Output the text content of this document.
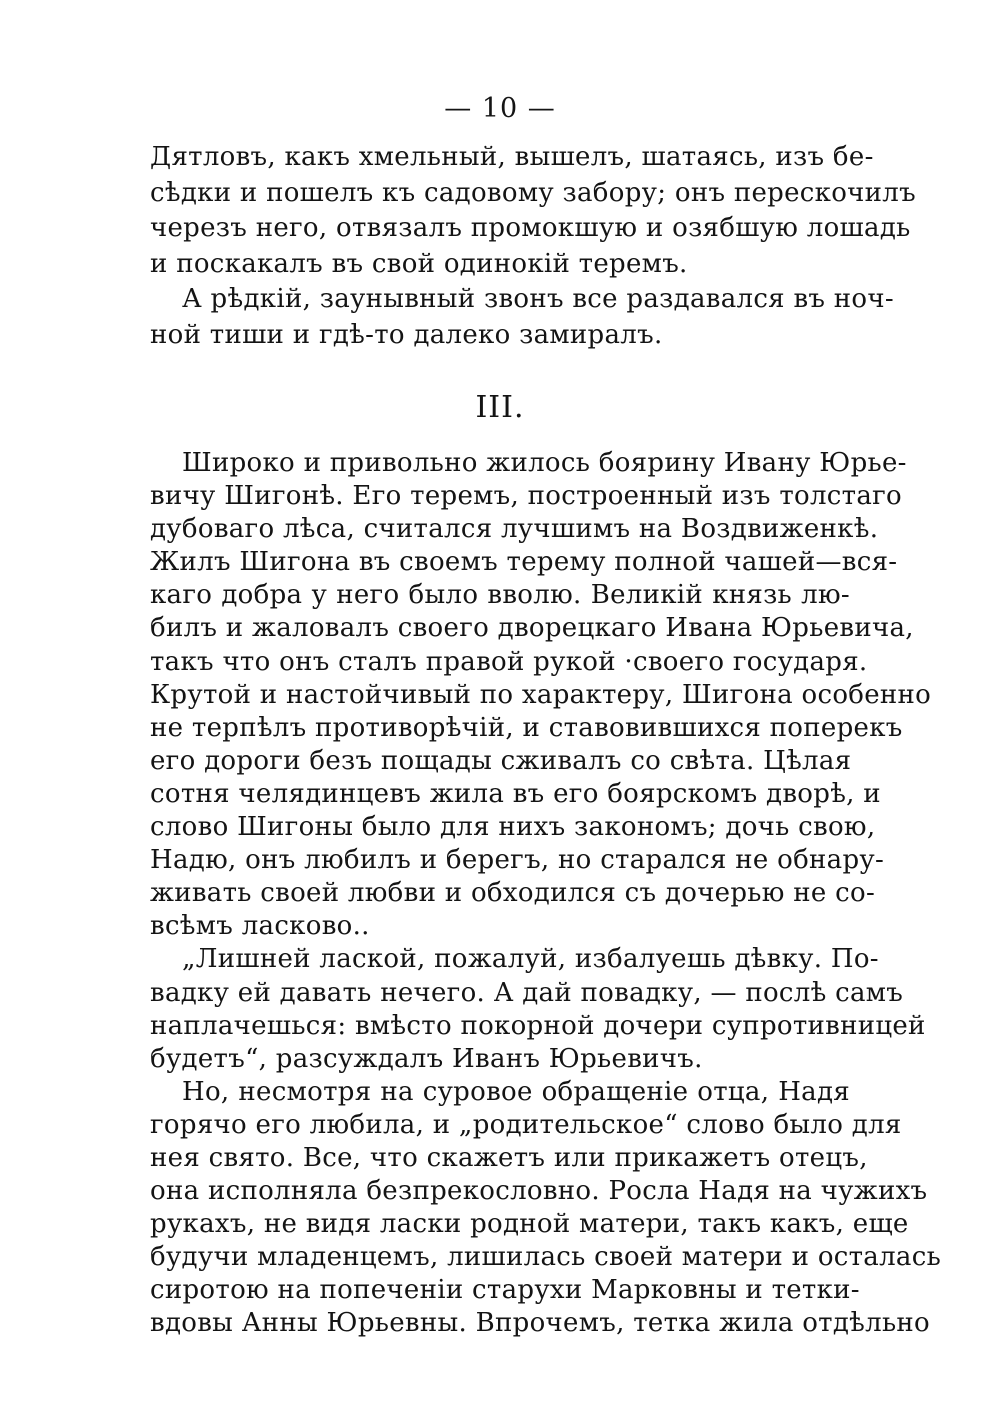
— 10 —
Дятловъ, какъ хмельный, вышелъ, шатаясь, изъ бе-
сѣдки и пошелъ къ садовому забору; онъ перескочилъ
черезъ него, отвязалъ промокшую и озябшую лошадь
и поскакалъ въ свой одинокiй теремъ.
А рѣдкiй, заунывный звонъ все раздавался въ ноч-
ной тиши и гдѣ-то далеко замиралъ.
III.
Широко и привольно жилось боярину Ивану Юрье-
вичу Шигонѣ. Его теремъ, построенный изъ толстаго
дубоваго лѣса, считался лучшимъ на Воздвиженкѣ.
Жилъ Шигона въ своемъ терему полной чашей—вся-
каго добра у него было вволю. Великiй князь лю-
билъ и жаловалъ своего дворецкаго Ивана Юрьевича,
такъ что онъ сталъ правой рукой ·своего государя.
Крутой и настойчивый по характеру, Шигона особенно
не терпѣлъ противорѣчiй, и ставовившихся поперекъ
его дороги безъ пощады сживалъ со свѣта. Цѣлая
сотня челядинцевъ жила въ его боярскомъ дворѣ, и
слово Шигоны было для нихъ закономъ; дочь свою,
Надю, онъ любилъ и берегъ, но старался не обнару-
живать своей любви и обходился съ дочерью не со-
всѣмъ ласково..
„Лишней лаской, пожалуй, избалуешь дѣвку. По-
вадку ей давать нечего. А дай повадку, — послѣ самъ
наплачешься: вмѣсто покорной дочери супротивницей
будетъ“, разсуждалъ Иванъ Юрьевичъ.
Но, несмотря на суровое обращенiе отца, Надя
горячо его любила, и „родительское“ слово было для
нея свято. Все, что скажетъ или прикажетъ отецъ,
она исполняла безпрекословно. Росла Надя на чужихъ
рукахъ, не видя ласки родной матери, такъ какъ, еще
будучи младенцемъ, лишилась своей матери и осталась
сиротою на попеченiи старухи Марковны и тетки-
вдовы Анны Юрьевны. Впрочемъ, тетка жила отдѣльно
